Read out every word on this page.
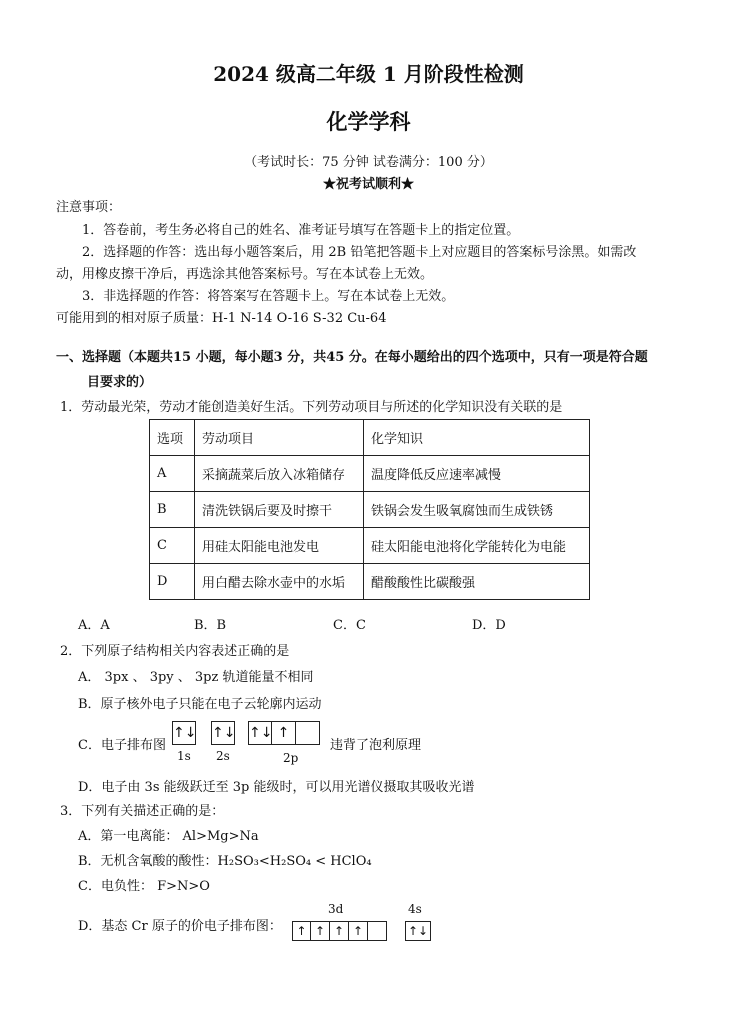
2024 级高二年级 1 月阶段性检测
化学学科
（考试时长：75 分钟 试卷满分：100 分）
★祝考试顺利★
注意事项：
1．答卷前，考生务必将自己的姓名、准考证号填写在答题卡上的指定位置。
2．选择题的作答：选出每小题答案后，用 2B 铅笔把答题卡上对应题目的答案标号涂黑。如需改
动，用橡皮擦干净后，再选涂其他答案标号。写在本试卷上无效。
3．非选择题的作答：将答案写在答题卡上。写在本试卷上无效。
可能用到的相对原子质量：H-1 N-14 O-16 S-32 Cu-64
一、选择题（本题共15 小题，每小题3 分，共45 分。在每小题给出的四个选项中，只有一项是符合题
目要求的）
1．劳动最光荣，劳动才能创造美好生活。下列劳动项目与所述的化学知识没有关联的是
选项	劳动项目	化学知识
A	采摘蔬菜后放入冰箱储存	温度降低反应速率减慢
B	清洗铁锅后要及时擦干	铁锅会发生吸氧腐蚀而生成铁锈
C	用硅太阳能电池发电	硅太阳能电池将化学能转化为电能
D	用白醋去除水壶中的水垢	醋酸酸性比碳酸强
A．A	B．B	C．C	D．D
2．下列原子结构相关内容表述正确的是
A． 3px 、 3py 、 3pz 轨道能量不相同
B．原子核外电子只能在电子云轮廓内运动
C．电子排布图
↑↓ ↑↓ ↑↓ ↑
1s 2s	2p
违背了泡利原理
D．电子由 3s 能级跃迁至 3p 能级时，可以用光谱仪摄取其吸收光谱
3．下列有关描述正确的是：
A．第一电离能： Al>Mg>Na
B．无机含氧酸的酸性：H₂SO₃<H₂SO₄ < HClO₄
C．电负性： F>N>O
D．基态 Cr 原子的价电子排布图：
3d	4s
↑ ↑ ↑ ↑	↑↓
